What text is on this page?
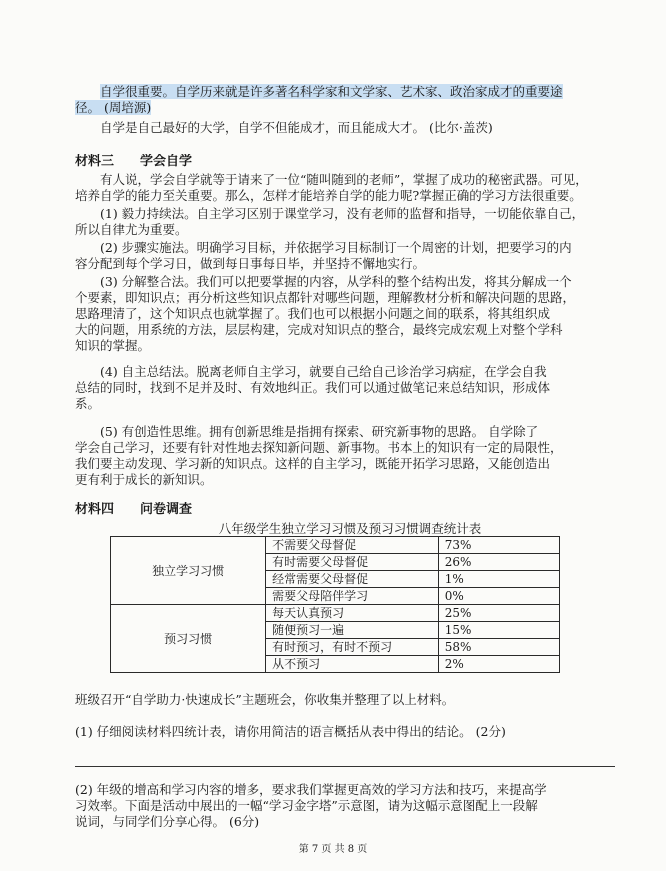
自学很重要。自学历来就是许多著名科学家和文学家、艺术家、政治家成才的重要途
径。 (周培源)
自学是自己最好的大学，自学不但能成才，而且能成大才。 (比尔·盖茨)
材料三 学会自学
有人说，学会自学就等于请来了一位“随叫随到的老师”，掌握了成功的秘密武器。可见，
培养自学的能力至关重要。那么，怎样才能培养自学的能力呢?掌握正确的学习方法很重要。
(1) 毅力持续法。自主学习区别于课堂学习，没有老师的监督和指导，一切能依靠自己，
所以自律尤为重要。
(2) 步骤实施法。明确学习目标，并依据学习目标制订一个周密的计划，把要学习的内
容分配到每个学习日，做到每日事每日毕，并坚持不懈地实行。
(3) 分解整合法。我们可以把要掌握的内容，从学科的整个结构出发，将其分解成一个
个要素，即知识点；再分析这些知识点都针对哪些问题，理解教材分析和解决问题的思路，
思路理清了，这个知识点也就掌握了。我们也可以根据小问题之间的联系，将其组织成
大的问题，用系统的方法，层层构建，完成对知识点的整合，最终完成宏观上对整个学科
知识的掌握。
(4) 自主总结法。脱离老师自主学习，就要自己给自己诊治学习病症，在学会自我
总结的同时，找到不足并及时、有效地纠正。我们可以通过做笔记来总结知识，形成体
系。
(5) 有创造性思维。拥有创新思维是指拥有探索、研究新事物的思路。 自学除了
学会自己学习，还要有针对性地去探知新问题、新事物。书本上的知识有一定的局限性，
我们要主动发现、学习新的知识点。这样的自主学习，既能开拓学习思路，又能创造出
更有利于成长的新知识。
材料四 问卷调查
八年级学生独立学习习惯及预习习惯调查统计表
独立学习习惯	不需要父母督促	73%
	有时需要父母督促	26%
	经常需要父母督促	1%
	需要父母陪伴学习	0%
预习习惯	每天认真预习	25%
	随便预习一遍	15%
	有时预习，有时不预习	58%
	从不预习	2%
班级召开“自学助力·快速成长”主题班会，你收集并整理了以上材料。
(1) 仔细阅读材料四统计表，请你用简洁的语言概括从表中得出的结论。 (2分)
(2) 年级的增高和学习内容的增多，要求我们掌握更高效的学习方法和技巧，来提高学
习效率。下面是活动中展出的一幅“学习金字塔”示意图，请为这幅示意图配上一段解
说词，与同学们分享心得。 (6分)
第 7 页 共 8 页
